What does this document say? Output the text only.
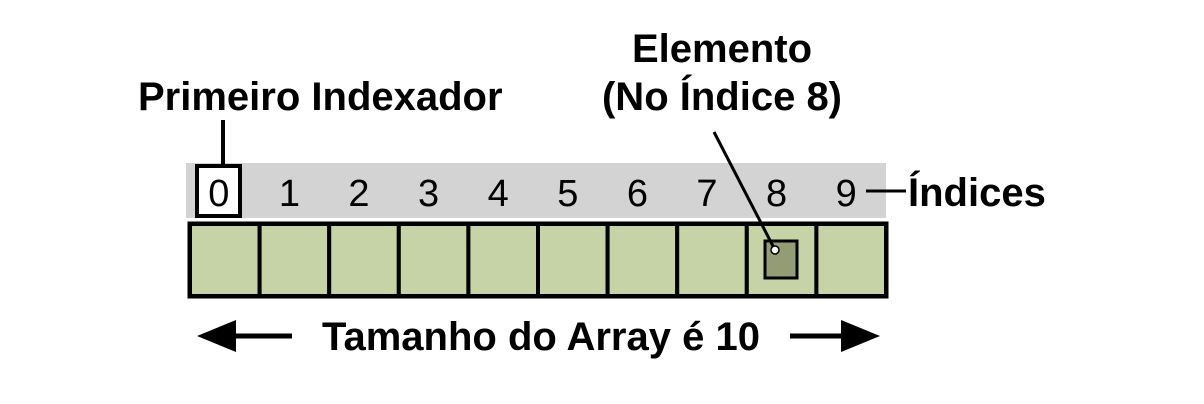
0 1 2 3 4 5 6 7 8 9
Primeiro Indexador
Elemento
(No Índice 8)
Índices
Tamanho do Array é 10
